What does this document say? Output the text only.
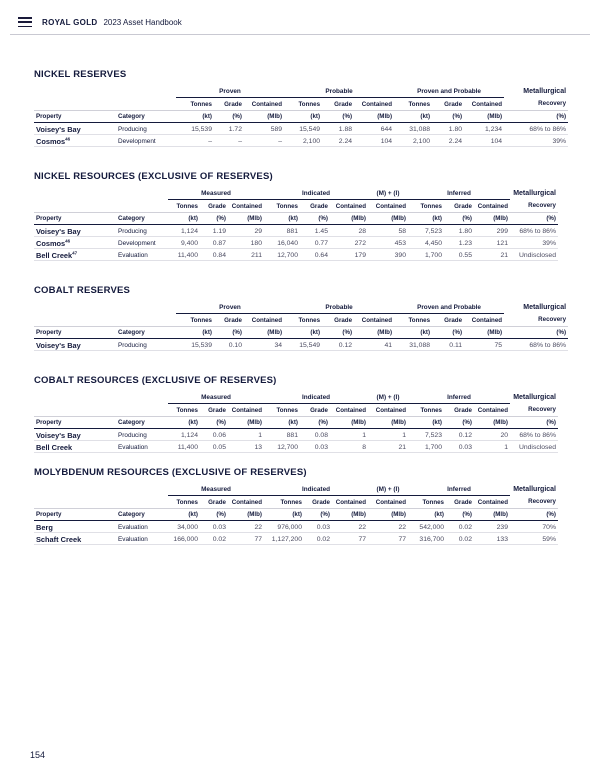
ROYAL GOLD 2023 Asset Handbook
NICKEL RESERVES
		Proven			Probable			Proven and Probable			Metallurgical
		Tonnes	Grade	Contained	Tonnes	Grade	Contained	Tonnes	Grade	Contained	Recovery
Property	Category	(kt)	(%)	(Mlb)	(kt)	(%)	(Mlb)	(kt)	(%)	(Mlb)	(%)
Voisey's Bay	Producing	15,539	1.72	589	15,549	1.88	644	31,088	1.80	1,234	68% to 86%
Cosmos$^{46}$	Development	–	–	–	2,100	2.24	104	2,100	2.24	104	39%
NICKEL RESOURCES (EXCLUSIVE OF RESERVES)
		Measured			Indicated			(M) + (I)	Inferred			Metallurgical
		Tonnes	Grade	Contained	Tonnes	Grade	Contained	Contained	Tonnes	Grade	Contained	Recovery
Property	Category	(kt)	(%)	(Mlb)	(kt)	(%)	(Mlb)	(Mlb)	(kt)	(%)	(Mlb)	(%)
Voisey's Bay	Producing	1,124	1.19	29	881	1.45	28	58	7,523	1.80	299	68% to 86%
Cosmos$^{46}$	Development	9,400	0.87	180	16,040	0.77	272	453	4,450	1.23	121	39%
Bell Creek$^{47}$	Evaluation	11,400	0.84	211	12,700	0.64	179	390	1,700	0.55	21	Undisclosed
COBALT RESERVES
		Proven			Probable			Proven and Probable			Metallurgical
		Tonnes	Grade	Contained	Tonnes	Grade	Contained	Tonnes	Grade	Contained	Recovery
Property	Category	(kt)	(%)	(Mlb)	(kt)	(%)	(Mlb)	(kt)	(%)	(Mlb)	(%)
Voisey's Bay	Producing	15,539	0.10	34	15,549	0.12	41	31,088	0.11	75	68% to 86%
COBALT RESOURCES (EXCLUSIVE OF RESERVES)
		Measured			Indicated			(M) + (I)	Inferred			Metallurgical
		Tonnes	Grade	Contained	Tonnes	Grade	Contained	Contained	Tonnes	Grade	Contained	Recovery
Property	Category	(kt)	(%)	(Mlb)	(kt)	(%)	(Mlb)	(Mlb)	(kt)	(%)	(Mlb)	(%)
Voisey's Bay	Producing	1,124	0.06	1	881	0.08	1	1	7,523	0.12	20	68% to 86%
Bell Creek	Evaluation	11,400	0.05	13	12,700	0.03	8	21	1,700	0.03	1	Undisclosed
MOLYBDENUM RESOURCES (EXCLUSIVE OF RESERVES)
		Measured			Indicated			(M) + (I)	Inferred			Metallurgical
		Tonnes	Grade	Contained	Tonnes	Grade	Contained	Contained	Tonnes	Grade	Contained	Recovery
Property	Category	(kt)	(%)	(Mlb)	(kt)	(%)	(Mlb)	(Mlb)	(kt)	(%)	(Mlb)	(%)
Berg	Evaluation	34,000	0.03	22	976,000	0.03	22	22	542,000	0.02	239	70%
Schaft Creek	Evaluation	166,000	0.02	77	1,127,200	0.02	77	77	316,700	0.02	133	59%
154
